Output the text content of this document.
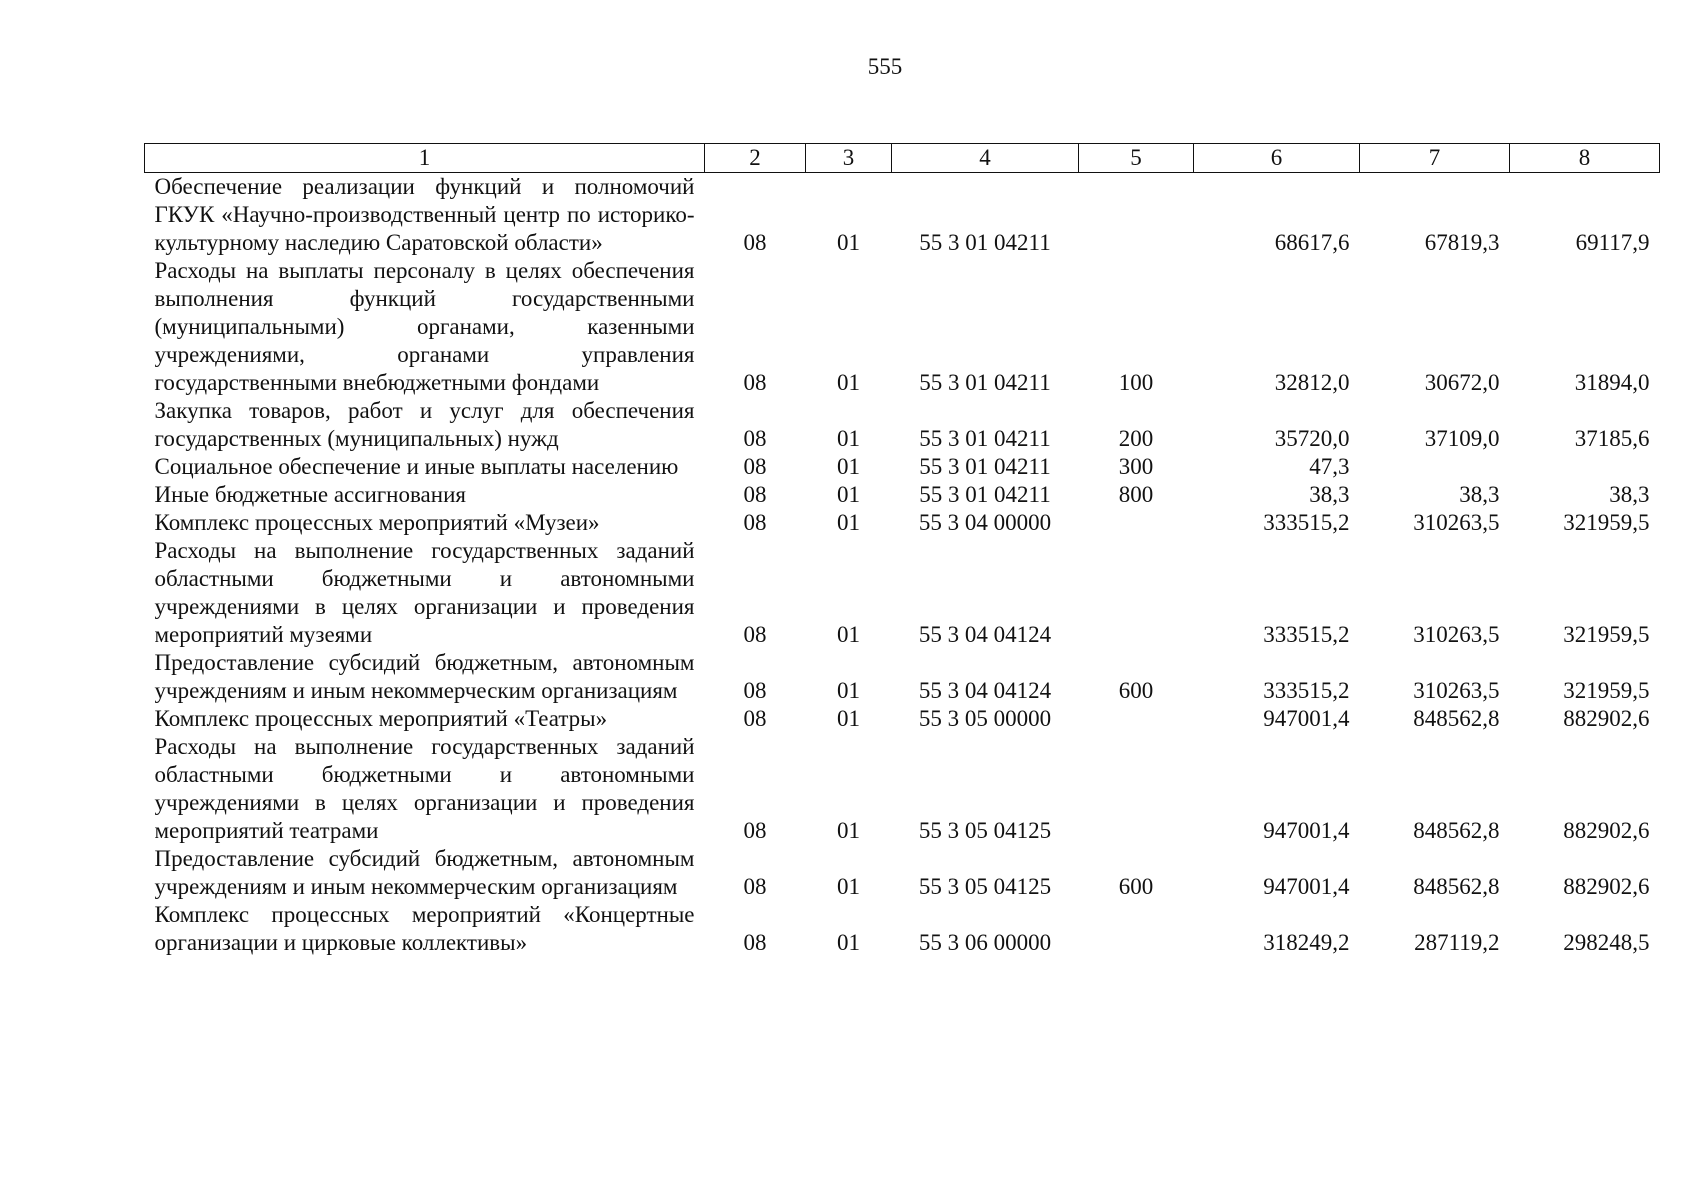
555
1	2	3	4	5	6	7	8
Обеспечение реализации функций и полномочий ГКУК «Научно-производственный центр по историко-культурному наследию Саратовской области»	08	01	55 3 01 04211		68617,6	67819,3	69117,9
Расходы на выплаты персоналу в целях обеспечения выполнения функций государственными (муниципальными) органами, казенными учреждениями, органами управления государственными внебюджетными фондами	08	01	55 3 01 04211	100	32812,0	30672,0	31894,0
Закупка товаров, работ и услуг для обеспечения государственных (муниципальных) нужд	08	01	55 3 01 04211	200	35720,0	37109,0	37185,6
Социальное обеспечение и иные выплаты населению	08	01	55 3 01 04211	300	47,3		
Иные бюджетные ассигнования	08	01	55 3 01 04211	800	38,3	38,3	38,3
Комплекс процессных мероприятий «Музеи»	08	01	55 3 04 00000		333515,2	310263,5	321959,5
Расходы на выполнение государственных заданий областными бюджетными и автономными учреждениями в целях организации и проведения мероприятий музеями	08	01	55 3 04 04124		333515,2	310263,5	321959,5
Предоставление субсидий бюджетным, автономным учреждениям и иным некоммерческим организациям	08	01	55 3 04 04124	600	333515,2	310263,5	321959,5
Комплекс процессных мероприятий «Театры»	08	01	55 3 05 00000		947001,4	848562,8	882902,6
Расходы на выполнение государственных заданий областными бюджетными и автономными учреждениями в целях организации и проведения мероприятий театрами	08	01	55 3 05 04125		947001,4	848562,8	882902,6
Предоставление субсидий бюджетным, автономным учреждениям и иным некоммерческим организациям	08	01	55 3 05 04125	600	947001,4	848562,8	882902,6
Комплекс процессных мероприятий «Концертные организации и цирковые коллективы»	08	01	55 3 06 00000		318249,2	287119,2	298248,5
